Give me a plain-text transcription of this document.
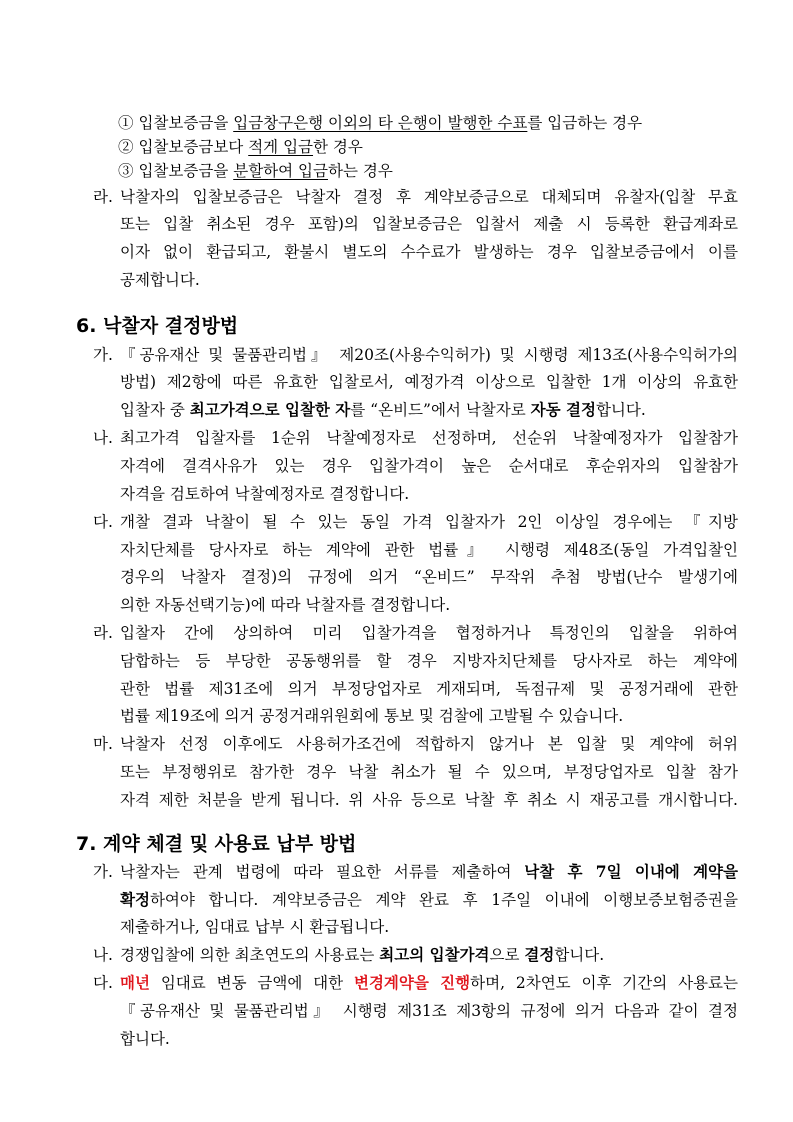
① 입찰보증금을 입금창구은행 이외의 타 은행이 발행한 수표를 입금하는 경우
② 입찰보증금보다 적게 입금한 경우
③ 입찰보증금을 분할하여 입금하는 경우
라. 낙찰자의 입찰보증금은 낙찰자 결정 후 계약보증금으로 대체되며 유찰자(입찰 무효
또는 입찰 취소된 경우 포함)의 입찰보증금은 입찰서 제출 시 등록한 환급계좌로
이자 없이 환급되고, 환불시 별도의 수수료가 발생하는 경우 입찰보증금에서 이를
공제합니다.
6. 낙찰자 결정방법
가. 『공유재산 및 물품관리법』 제20조(사용수익허가) 및 시행령 제13조(사용수익허가의
방법) 제2항에 따른 유효한 입찰로서, 예정가격 이상으로 입찰한 1개 이상의 유효한
입찰자 중 최고가격으로 입찰한 자를 “온비드”에서 낙찰자로 자동 결정합니다.
나. 최고가격 입찰자를 1순위 낙찰예정자로 선정하며, 선순위 낙찰예정자가 입찰참가
자격에 결격사유가 있는 경우 입찰가격이 높은 순서대로 후순위자의 입찰참가
자격을 검토하여 낙찰예정자로 결정합니다.
다. 개찰 결과 낙찰이 될 수 있는 동일 가격 입찰자가 2인 이상일 경우에는 『지방
자치단체를 당사자로 하는 계약에 관한 법률』 시행령 제48조(동일 가격입찰인
경우의 낙찰자 결정)의 규정에 의거 “온비드” 무작위 추첨 방법(난수 발생기에
의한 자동선택기능)에 따라 낙찰자를 결정합니다.
라. 입찰자 간에 상의하여 미리 입찰가격을 협정하거나 특정인의 입찰을 위하여
담합하는 등 부당한 공동행위를 할 경우 지방자치단체를 당사자로 하는 계약에
관한 법률 제31조에 의거 부정당업자로 게재되며, 독점규제 및 공정거래에 관한
법률 제19조에 의거 공정거래위원회에 통보 및 검찰에 고발될 수 있습니다.
마. 낙찰자 선정 이후에도 사용허가조건에 적합하지 않거나 본 입찰 및 계약에 허위
또는 부정행위로 참가한 경우 낙찰 취소가 될 수 있으며, 부정당업자로 입찰 참가
자격 제한 처분을 받게 됩니다. 위 사유 등으로 낙찰 후 취소 시 재공고를 개시합니다.
7. 계약 체결 및 사용료 납부 방법
가. 낙찰자는 관계 법령에 따라 필요한 서류를 제출하여 낙찰 후 7일 이내에 계약을
확정하여야 합니다. 계약보증금은 계약 완료 후 1주일 이내에 이행보증보험증권을
제출하거나, 임대료 납부 시 환급됩니다.
나. 경쟁입찰에 의한 최초연도의 사용료는 최고의 입찰가격으로 결정합니다.
다. 매년 임대료 변동 금액에 대한 변경계약을 진행하며, 2차연도 이후 기간의 사용료는
『공유재산 및 물품관리법』 시행령 제31조 제3항의 규정에 의거 다음과 같이 결정
합니다.
